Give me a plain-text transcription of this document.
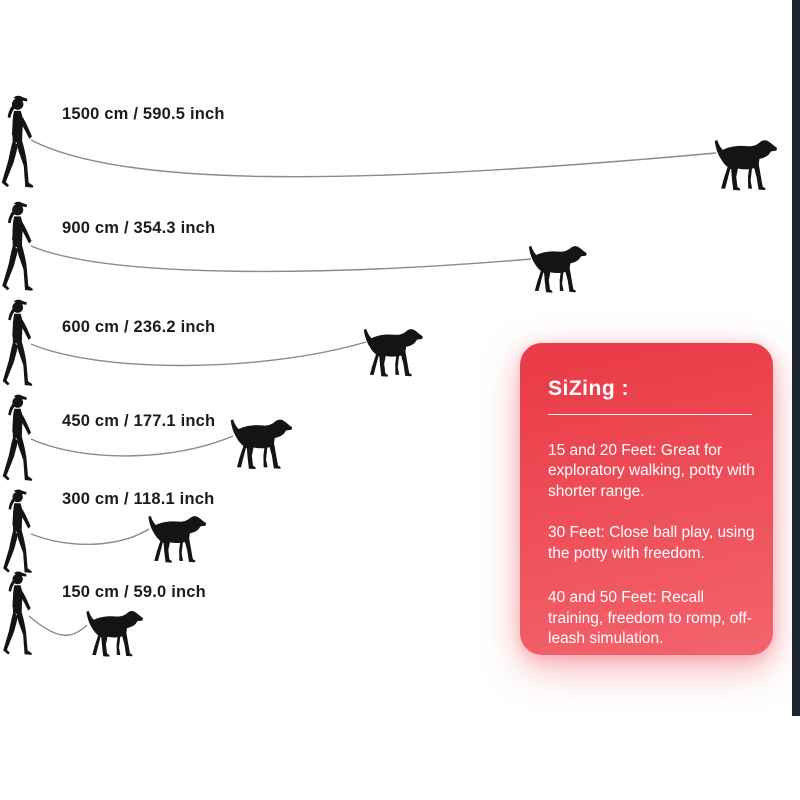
1500 cm / 590.5 inch
900 cm / 354.3 inch
600 cm / 236.2 inch
450 cm / 177.1 inch
300 cm / 118.1 inch
150 cm / 59.0 inch
SiZing :

15 and 20 Feet: Great for exploratory walking, potty with shorter range.

30 Feet: Close ball play, using the potty with freedom.

40 and 50 Feet: Recall training, freedom to romp, off-leash simulation.
